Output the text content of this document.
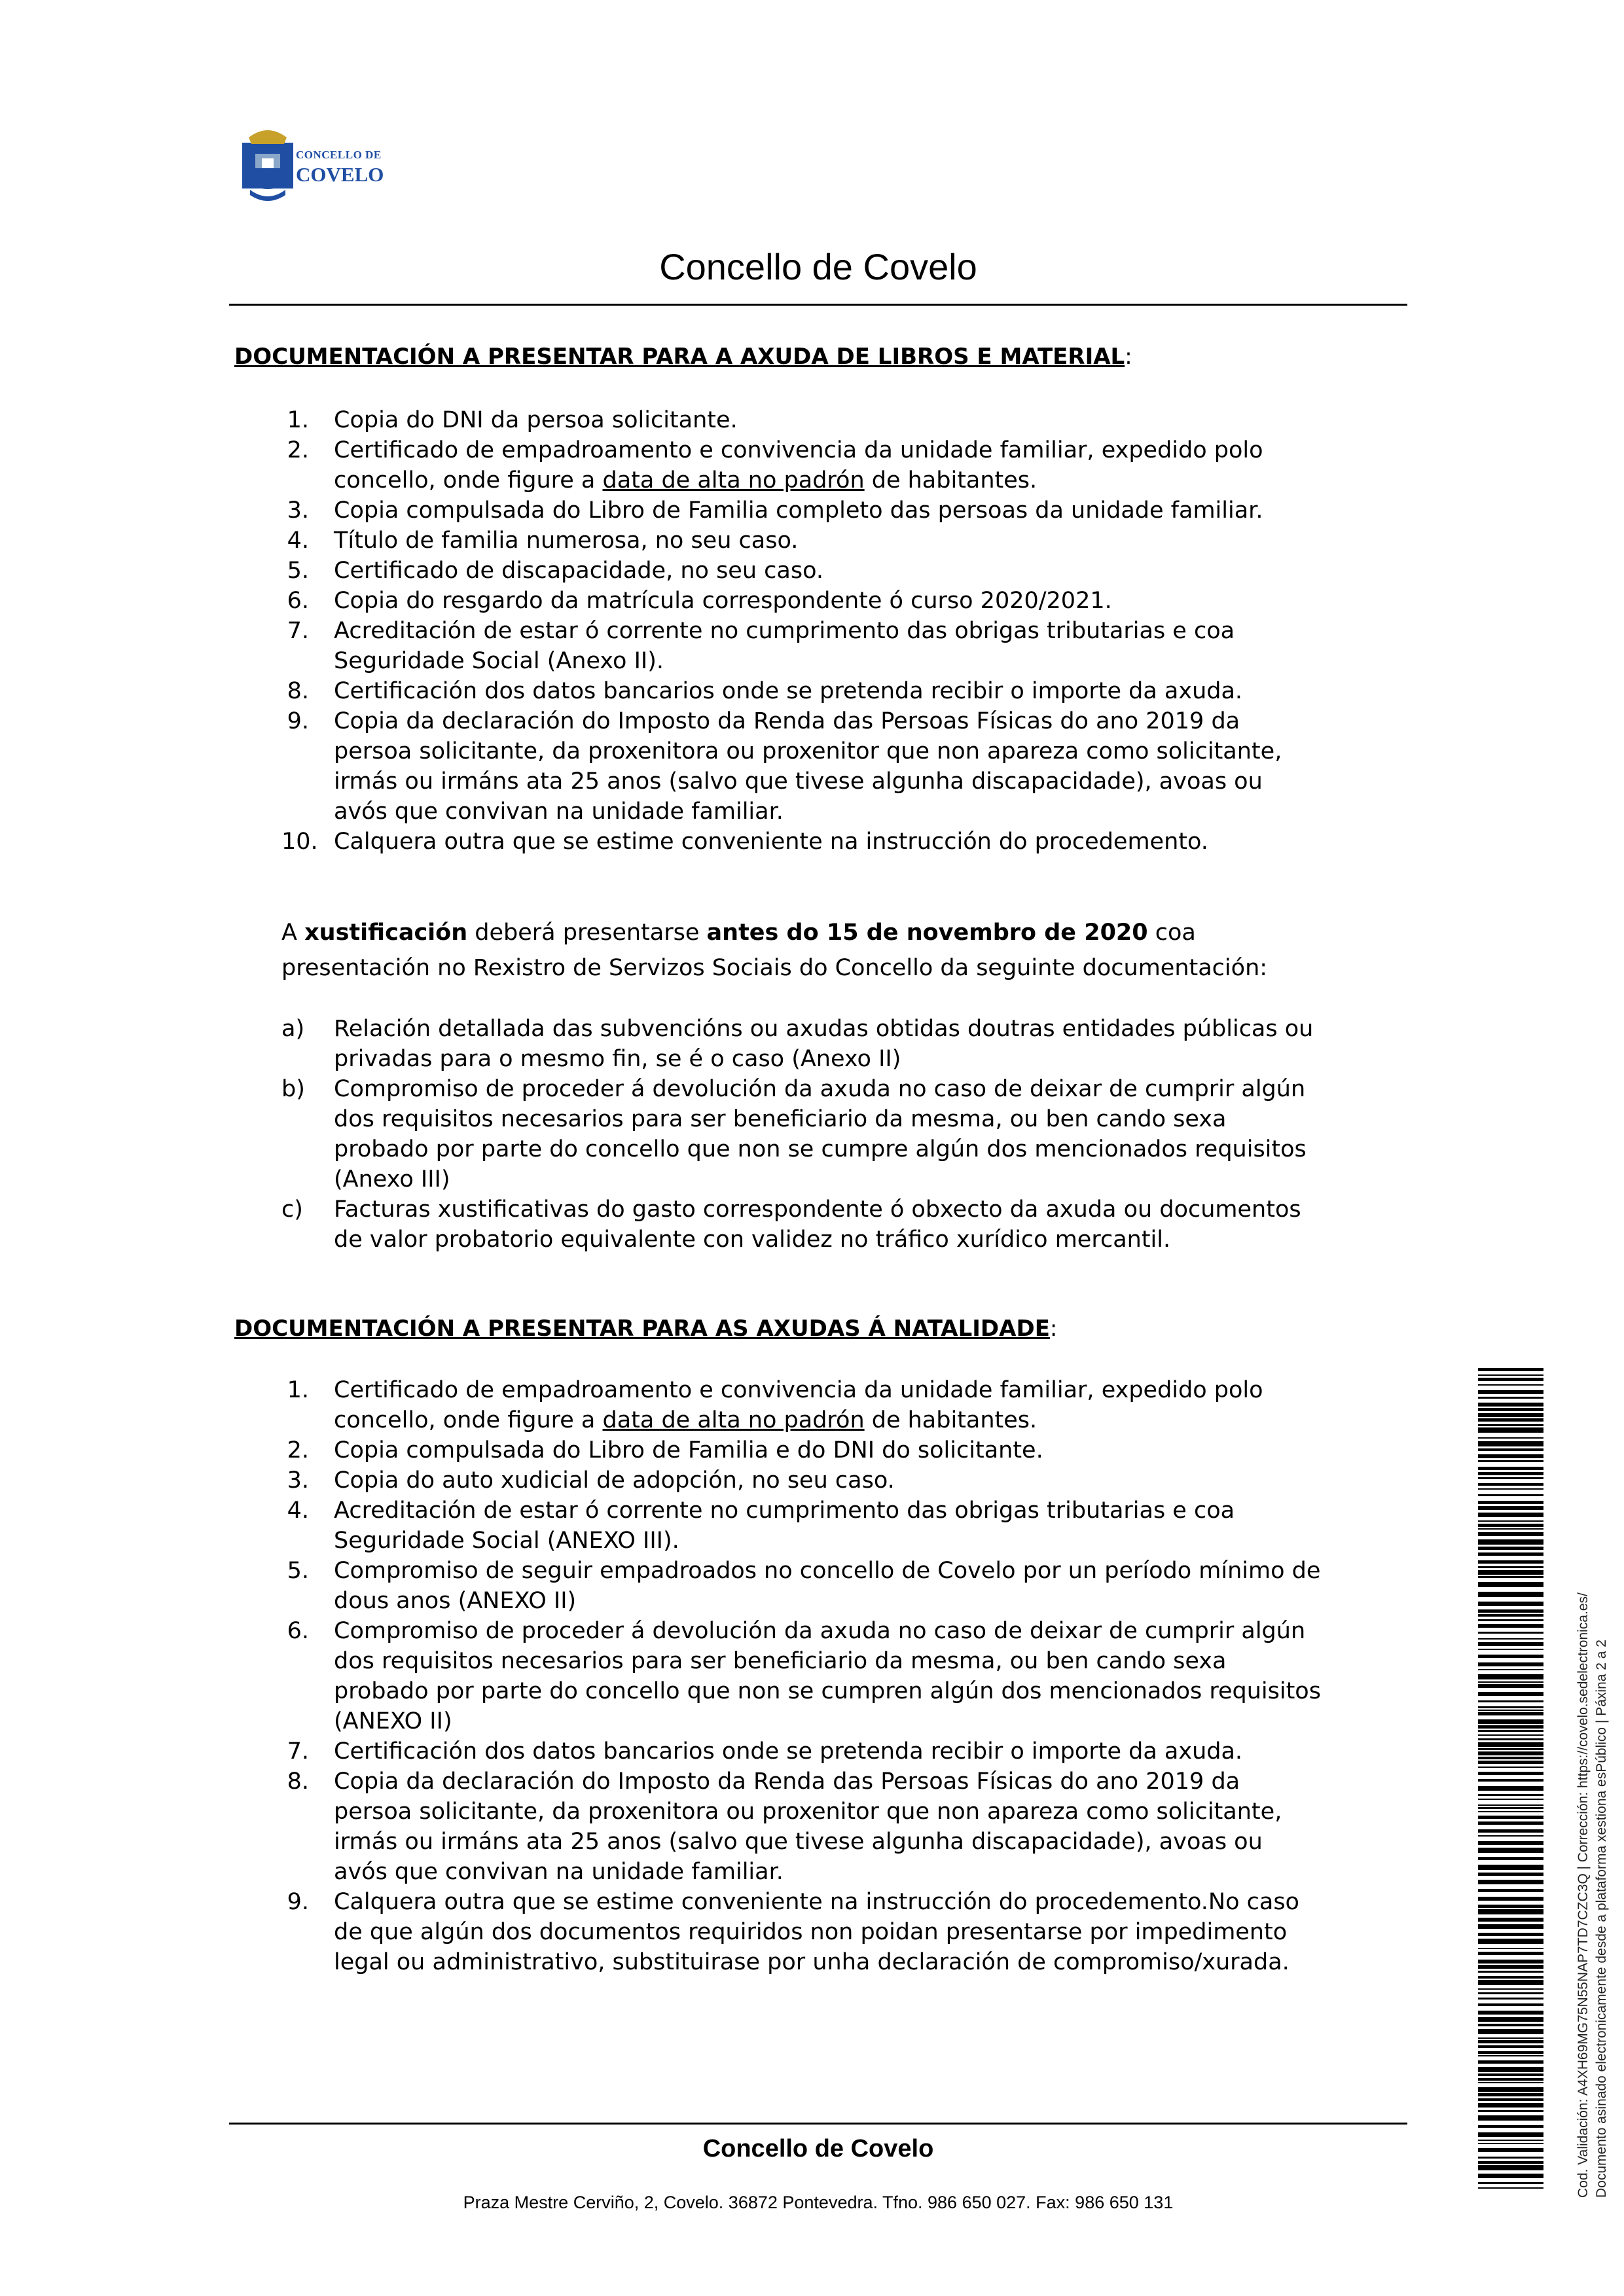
CONCELLO DE
COVELO
Concello de Covelo
DOCUMENTACIÓN A PRESENTAR PARA A AXUDA DE LIBROS E MATERIAL:
1. Copia do DNI da persoa solicitante.
2. Certificado de empadroamento e convivencia da unidade familiar, expedido polo
concello, onde figure a data de alta no padrón de habitantes.
3. Copia compulsada do Libro de Familia completo das persoas da unidade familiar.
4. Título de familia numerosa, no seu caso.
5. Certificado de discapacidade, no seu caso.
6. Copia do resgardo da matrícula correspondente ó curso 2020/2021.
7. Acreditación de estar ó corrente no cumprimento das obrigas tributarias e coa
Seguridade Social (Anexo II).
8. Certificación dos datos bancarios onde se pretenda recibir o importe da axuda.
9. Copia da declaración do Imposto da Renda das Persoas Físicas do ano 2019 da
persoa solicitante, da proxenitora ou proxenitor que non apareza como solicitante,
irmás ou irmáns ata 25 anos (salvo que tivese algunha discapacidade), avoas ou
avós que convivan na unidade familiar.
10. Calquera outra que se estime conveniente na instrucción do procedemento.
A xustificación deberá presentarse antes do 15 de novembro de 2020 coa
presentación no Rexistro de Servizos Sociais do Concello da seguinte documentación:
a) Relación detallada das subvencións ou axudas obtidas doutras entidades públicas ou
privadas para o mesmo fin, se é o caso (Anexo II)
b) Compromiso de proceder á devolución da axuda no caso de deixar de cumprir algún
dos requisitos necesarios para ser beneficiario da mesma, ou ben cando sexa
probado por parte do concello que non se cumpre algún dos mencionados requisitos
(Anexo III)
c) Facturas xustificativas do gasto correspondente ó obxecto da axuda ou documentos
de valor probatorio equivalente con validez no tráfico xurídico mercantil.
DOCUMENTACIÓN A PRESENTAR PARA AS AXUDAS Á NATALIDADE:
1. Certificado de empadroamento e convivencia da unidade familiar, expedido polo
concello, onde figure a data de alta no padrón de habitantes.
2. Copia compulsada do Libro de Familia e do DNI do solicitante.
3. Copia do auto xudicial de adopción, no seu caso.
4. Acreditación de estar ó corrente no cumprimento das obrigas tributarias e coa
Seguridade Social (ANEXO III).
5. Compromiso de seguir empadroados no concello de Covelo por un período mínimo de
dous anos (ANEXO II)
6. Compromiso de proceder á devolución da axuda no caso de deixar de cumprir algún
dos requisitos necesarios para ser beneficiario da mesma, ou ben cando sexa
probado por parte do concello que non se cumpren algún dos mencionados requisitos
(ANEXO II)
7. Certificación dos datos bancarios onde se pretenda recibir o importe da axuda.
8. Copia da declaración do Imposto da Renda das Persoas Físicas do ano 2019 da
persoa solicitante, da proxenitora ou proxenitor que non apareza como solicitante,
irmás ou irmáns ata 25 anos (salvo que tivese algunha discapacidade), avoas ou
avós que convivan na unidade familiar.
9. Calquera outra que se estime conveniente na instrucción do procedemento.No caso
de que algún dos documentos requiridos non poidan presentarse por impedimento
legal ou administrativo, substituirase por unha declaración de compromiso/xurada.
Concello de Covelo
Praza Mestre Cerviño, 2, Covelo. 36872 Pontevedra. Tfno. 986 650 027. Fax: 986 650 131
Cod. Validación: A4XH69MG75N55NAP7TD7CZC3Q | Corrección: https://covelo.sedelectronica.es/ Documento asinado electronicamente desde a plataforma xestiona esPúblico | Páxina 2 a 2
